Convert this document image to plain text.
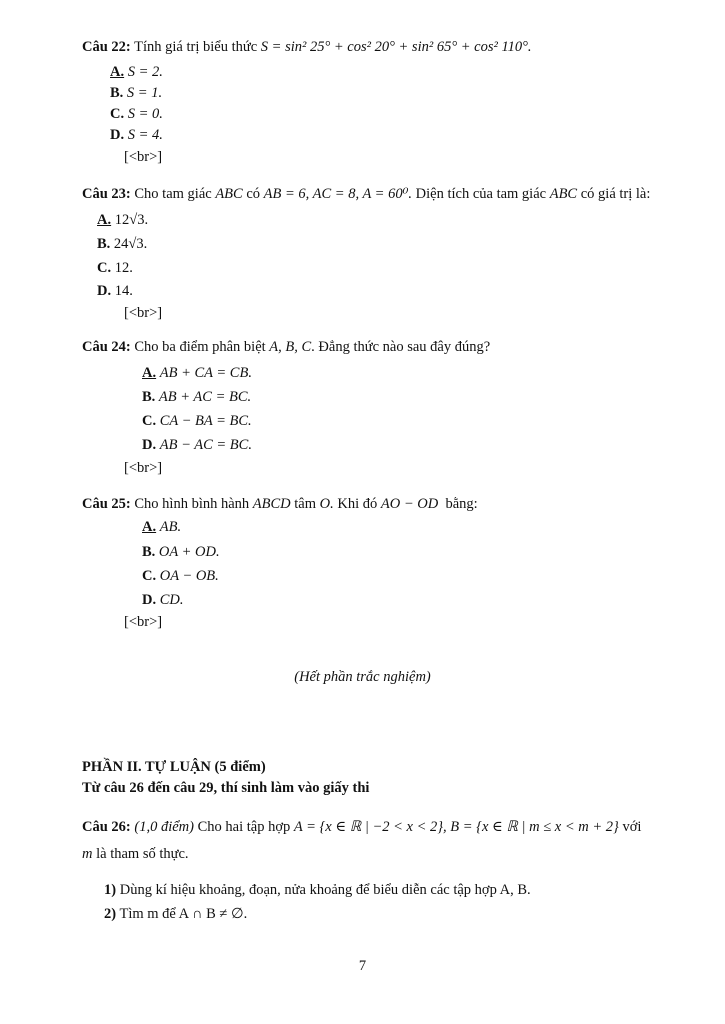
Câu 22: Tính giá trị biểu thức S = sin² 25° + cos² 20° + sin² 65° + cos² 110°.
A. S = 2.
B. S = 1.
C. S = 0.
D. S = 4.
[<br>]
Câu 23: Cho tam giác ABC có AB = 6, AC = 8, A = 60⁰. Diện tích của tam giác ABC có giá trị là:
A. 12√3.
B. 24√3.
C. 12.
D. 14.
[<br>]
Câu 24: Cho ba điểm phân biệt A, B, C. Đẳng thức nào sau đây đúng?
A. AB + CA = CB.
B. AB + AC = BC.
C. CA − BA = BC.
D. AB − AC = BC.
[<br>]
Câu 25: Cho hình bình hành ABCD tâm O. Khi đó AO − OD bằng:
A. AB.
B. OA + OD.
C. OA − OB.
D. CD.
[<br>]
(Hết phần trắc nghiệm)
PHẦN II. TỰ LUẬN (5 điểm)
Từ câu 26 đến câu 29, thí sinh làm vào giấy thi
Câu 26: (1,0 điểm) Cho hai tập hợp A = {x ∈ ℝ | −2 < x < 2}, B = {x ∈ ℝ | m ≤ x < m + 2} với
m là tham số thực.
1) Dùng kí hiệu khoảng, đoạn, nửa khoảng để biểu diễn các tập hợp A, B.
2) Tìm m để A ∩ B ≠ ∅.
7
